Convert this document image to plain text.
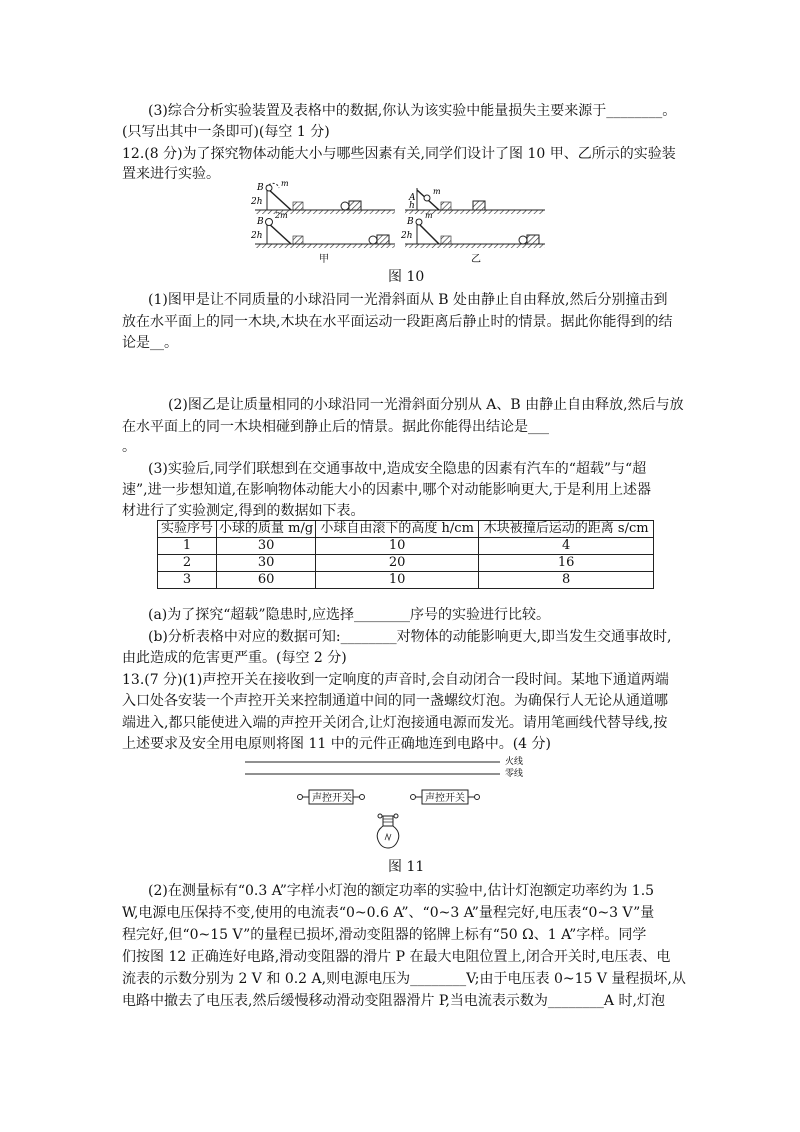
(3)综合分析实验装置及表格中的数据,你认为该实验中能量损失主要来源于________。
(只写出其中一条即可)(每空 1 分)
12.(8 分)为了探究物体动能大小与哪些因素有关,同学们设计了图 10 甲、乙所示的实验装
置来进行实验。
B m
2h
B
2m
2h
A
m
h
B
m
2h
甲	乙
图 10
(1)图甲是让不同质量的小球沿同一光滑斜面从 B 处由静止自由释放,然后分别撞击到
放在水平面上的同一木块,木块在水平面运动一段距离后静止时的情景。据此你能得到的结
论是__。
(2)图乙是让质量相同的小球沿同一光滑斜面分别从 A、B 由静止自由释放,然后与放
在水平面上的同一木块相碰到静止后的情景。据此你能得出结论是___
。
(3)实验后,同学们联想到在交通事故中,造成安全隐患的因素有汽车的“超载”与“超
速”,进一步想知道,在影响物体动能大小的因素中,哪个对动能影响更大,于是利用上述器
材进行了实验测定,得到的数据如下表。
实验序号	小球的质量 m/g	小球自由滚下的高度 h/cm	木块被撞后运动的距离 s/cm
1	30	10	4
2	30	20	16
3	60	10	8
(a)为了探究“超载”隐患时,应选择________序号的实验进行比较。
(b)分析表格中对应的数据可知:________对物体的动能影响更大,即当发生交通事故时,
由此造成的危害更严重。(每空 2 分)
13.(7 分)(1)声控开关在接收到一定响度的声音时,会自动闭合一段时间。某地下通道两端
入口处各安装一个声控开关来控制通道中间的同一盏螺纹灯泡。为确保行人无论从通道哪
端进入,都只能使进入端的声控开关闭合,让灯泡接通电源而发光。请用笔画线代替导线,按
上述要求及安全用电原则将图 11 中的元件正确地连到电路中。(4 分)
火线
零线
声控开关	声控开关
图 11
(2)在测量标有“0.3 A”字样小灯泡的额定功率的实验中,估计灯泡额定功率约为 1.5
W,电源电压保持不变,使用的电流表“0~0.6 A”、“0~3 A”量程完好,电压表“0~3 V”量
程完好,但“0~15 V”的量程已损坏,滑动变阻器的铭牌上标有“50 Ω、1 A”字样。同学
们按图 12 正确连好电路,滑动变阻器的滑片 P 在最大电阻位置上,闭合开关时,电压表、电
流表的示数分别为 2 V 和 0.2 A,则电源电压为________V;由于电压表 0~15 V 量程损坏,从
电路中撤去了电压表,然后缓慢移动滑动变阻器滑片 P,当电流表示数为________A 时,灯泡
